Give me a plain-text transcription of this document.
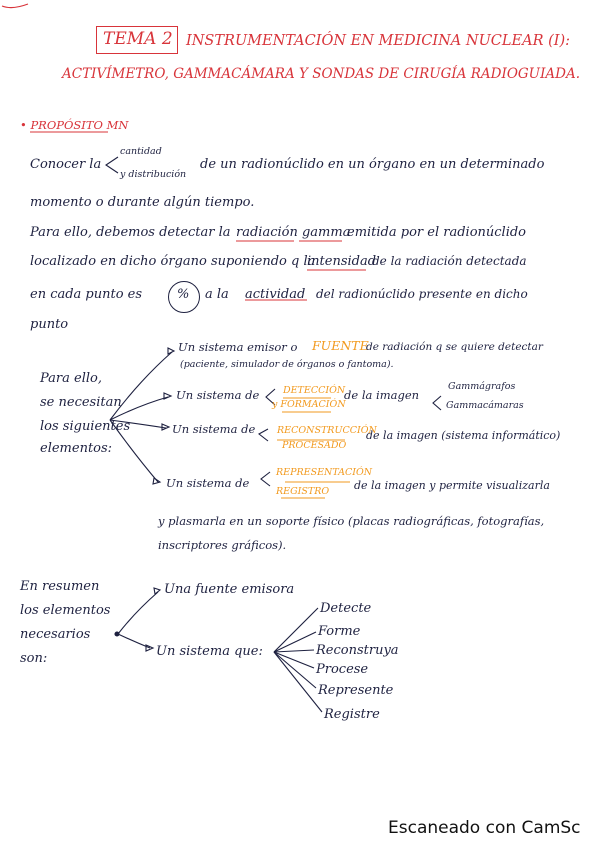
TEMA 2 INSTRUMENTACIÓN EN MEDICINA NUCLEAR (I):
ACTIVÍMETRO, GAMMACÁMARA Y SONDAS DE CIRUGÍA RADIOGUIADA.
• PROPÓSITO MN
Conocer la
cantidad
y distribución
de un radionúclido en un órgano en un determinado
momento o durante algún tiempo.
Para ello, debemos detectar la radiación gamma
emitida por el radionúclido
localizado en dicho órgano suponiendo q la
intensidad
de la radiación detectada
en cada punto es	% a la actividad del radionúclido presente en dicho
punto
Para ello,
se necesitan
los siguientes
elementos:
Un sistema emisor o FUENTE
de radiación q se quiere detectar
(paciente, simulador de órganos o fantoma).
Un sistema de	DETECCIÓN
y FORMACIÓN
de la imagen
Gammágrafos
Gammacámaras
Un sistema de RECONSTRUCCIÓN
PROCESADO
de la imagen (sistema informático)
Un sistema de
REPRESENTACIÓN
REGISTRO de la imagen y permite visualizarla
y plasmarla en un soporte físico (placas radiográficas, fotografías,
inscriptores gráficos).
En resumen
los elementos
necesarios
son:
Una fuente emisora
Un sistema que:
Detecte
Forme
Reconstruya
Procese
Represente
Registre
Escaneado con CamSc
